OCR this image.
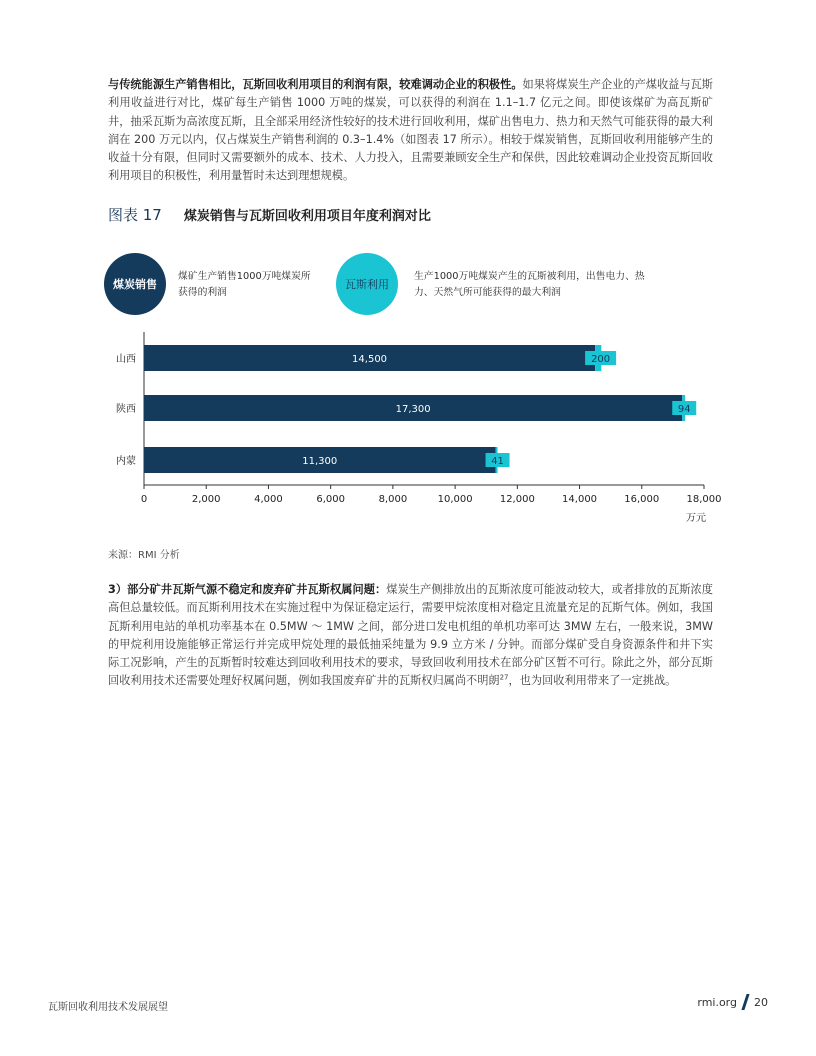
与传统能源生产销售相比，瓦斯回收利用项目的利润有限，较难调动企业的积极性。如果将煤炭生产企业的产煤收益与瓦斯利用收益进行对比，煤矿每生产销售 1000 万吨的煤炭，可以获得的利润在 1.1–1.7 亿元之间。即使该煤矿为高瓦斯矿井，抽采瓦斯为高浓度瓦斯，且全部采用经济性较好的技术进行回收利用，煤矿出售电力、热力和天然气可能获得的最大利润在 200 万元以内，仅占煤炭生产销售利润的 0.3–1.4%（如图表 17 所示）。相较于煤炭销售，瓦斯回收利用能够产生的收益十分有限，但同时又需要额外的成本、技术、人力投入，且需要兼顾安全生产和保供，因此较难调动企业投资瓦斯回收利用项目的积极性，利用量暂时未达到理想规模。

图表 17 煤炭销售与瓦斯回收利用项目年度利润对比
煤炭销售
煤矿生产销售1000万吨煤炭所获得的利润
瓦斯利用
生产1000万吨煤炭产生的瓦斯被利用，出售电力、热力、天然气所可能获得的最大利润
0	2,000	4,000	6,000	8,000	10,000	12,000	14,000	16,000	18,000
万元
山西	14,500	200
陕西	17,300	94
内蒙	11,300	41
来源：RMI 分析

3）部分矿井瓦斯气源不稳定和废弃矿井瓦斯权属问题：煤炭生产侧排放出的瓦斯浓度可能波动较大，或者排放的瓦斯浓度高但总量较低。而瓦斯利用技术在实施过程中为保证稳定运行，需要甲烷浓度相对稳定且流量充足的瓦斯气体。例如，我国瓦斯利用电站的单机功率基本在 0.5MW ～ 1MW 之间，部分进口发电机组的单机功率可达 3MW 左右，一般来说，3MW 的甲烷利用设施能够正常运行并完成甲烷处理的最低抽采纯量为 9.9 立方米 / 分钟。而部分煤矿受自身资源条件和井下实际工况影响，产生的瓦斯暂时较难达到回收利用技术的要求，导致回收利用技术在部分矿区暂不可行。除此之外，部分瓦斯回收利用技术还需要处理好权属问题，例如我国废弃矿井的瓦斯权归属尚不明朗$^{27}$，也为回收利用带来了一定挑战。

瓦斯回收利用技术发展展望	rmi.org 20
